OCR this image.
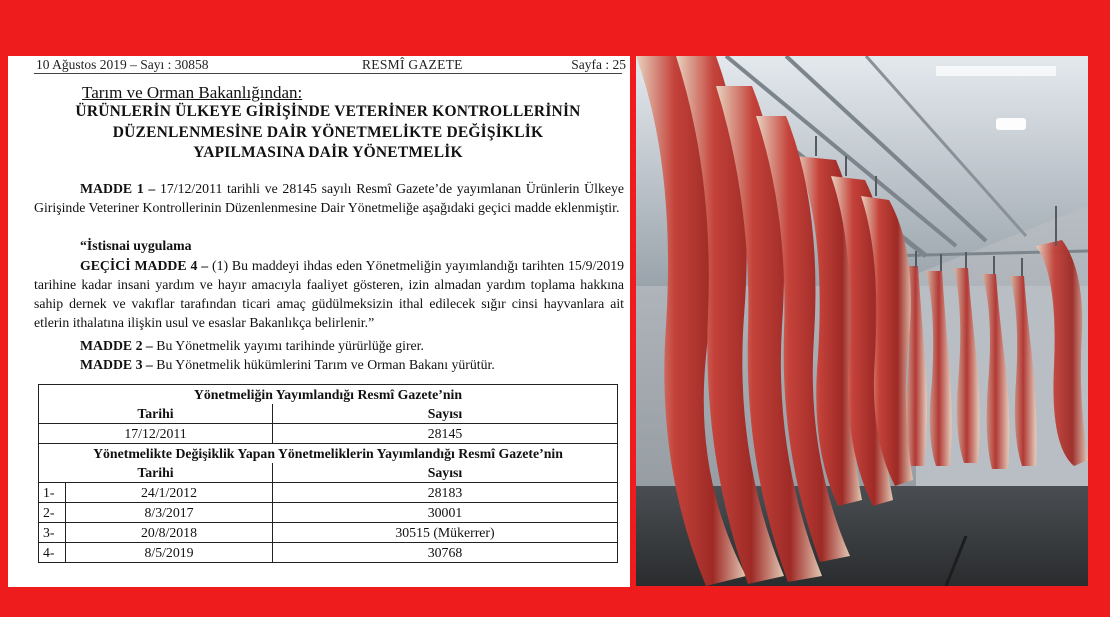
10 Ağustos 2019 – Sayı : 30858	RESMÎ GAZETE	Sayfa : 25
Tarım ve Orman Bakanlığından:
ÜRÜNLERİN ÜLKEYE GİRİŞİNDE VETERİNER KONTROLLERİNİN
DÜZENLENMESİNE DAİR YÖNETMELİKTE DEĞİŞİKLİK
YAPILMASINA DAİR YÖNETMELİK
MADDE 1 – 17/12/2011 tarihli ve 28145 sayılı Resmî Gazete’de yayımlanan Ürünlerin Ülkeye Girişinde Veteriner Kontrollerinin Düzenlenmesine Dair Yönetmeliğe aşağıdaki geçici madde eklenmiştir.
“İstisnai uygulama
GEÇİCİ MADDE 4 – (1) Bu maddeyi ihdas eden Yönetmeliğin yayımlandığı tarihten 15/9/2019 tarihine kadar insani yardım ve hayır amacıyla faaliyet gösteren, izin almadan yardım toplama hakkına sahip dernek ve vakıflar tarafından ticari amaç güdülmeksizin ithal edilecek sığır cinsi hayvanlara ait etlerin ithalatına ilişkin usul ve esaslar Bakanlıkça belirlenir.”
MADDE 2 – Bu Yönetmelik yayımı tarihinde yürürlüğe girer.
MADDE 3 – Bu Yönetmelik hükümlerini Tarım ve Orman Bakanı yürütür.
Yönetmeliğin Yayımlandığı Resmî Gazete’nin		
Tarihi		Sayısı
17/12/2011		28145
Yönetmelikte Değişiklik Yapan Yönetmeliklerin Yayımlandığı Resmî Gazete’nin		
Tarihi		Sayısı
1-	24/1/2012	28183
2-	8/3/2017	30001
3-	20/8/2018	30515 (Mükerrer)
4-	8/5/2019	30768
